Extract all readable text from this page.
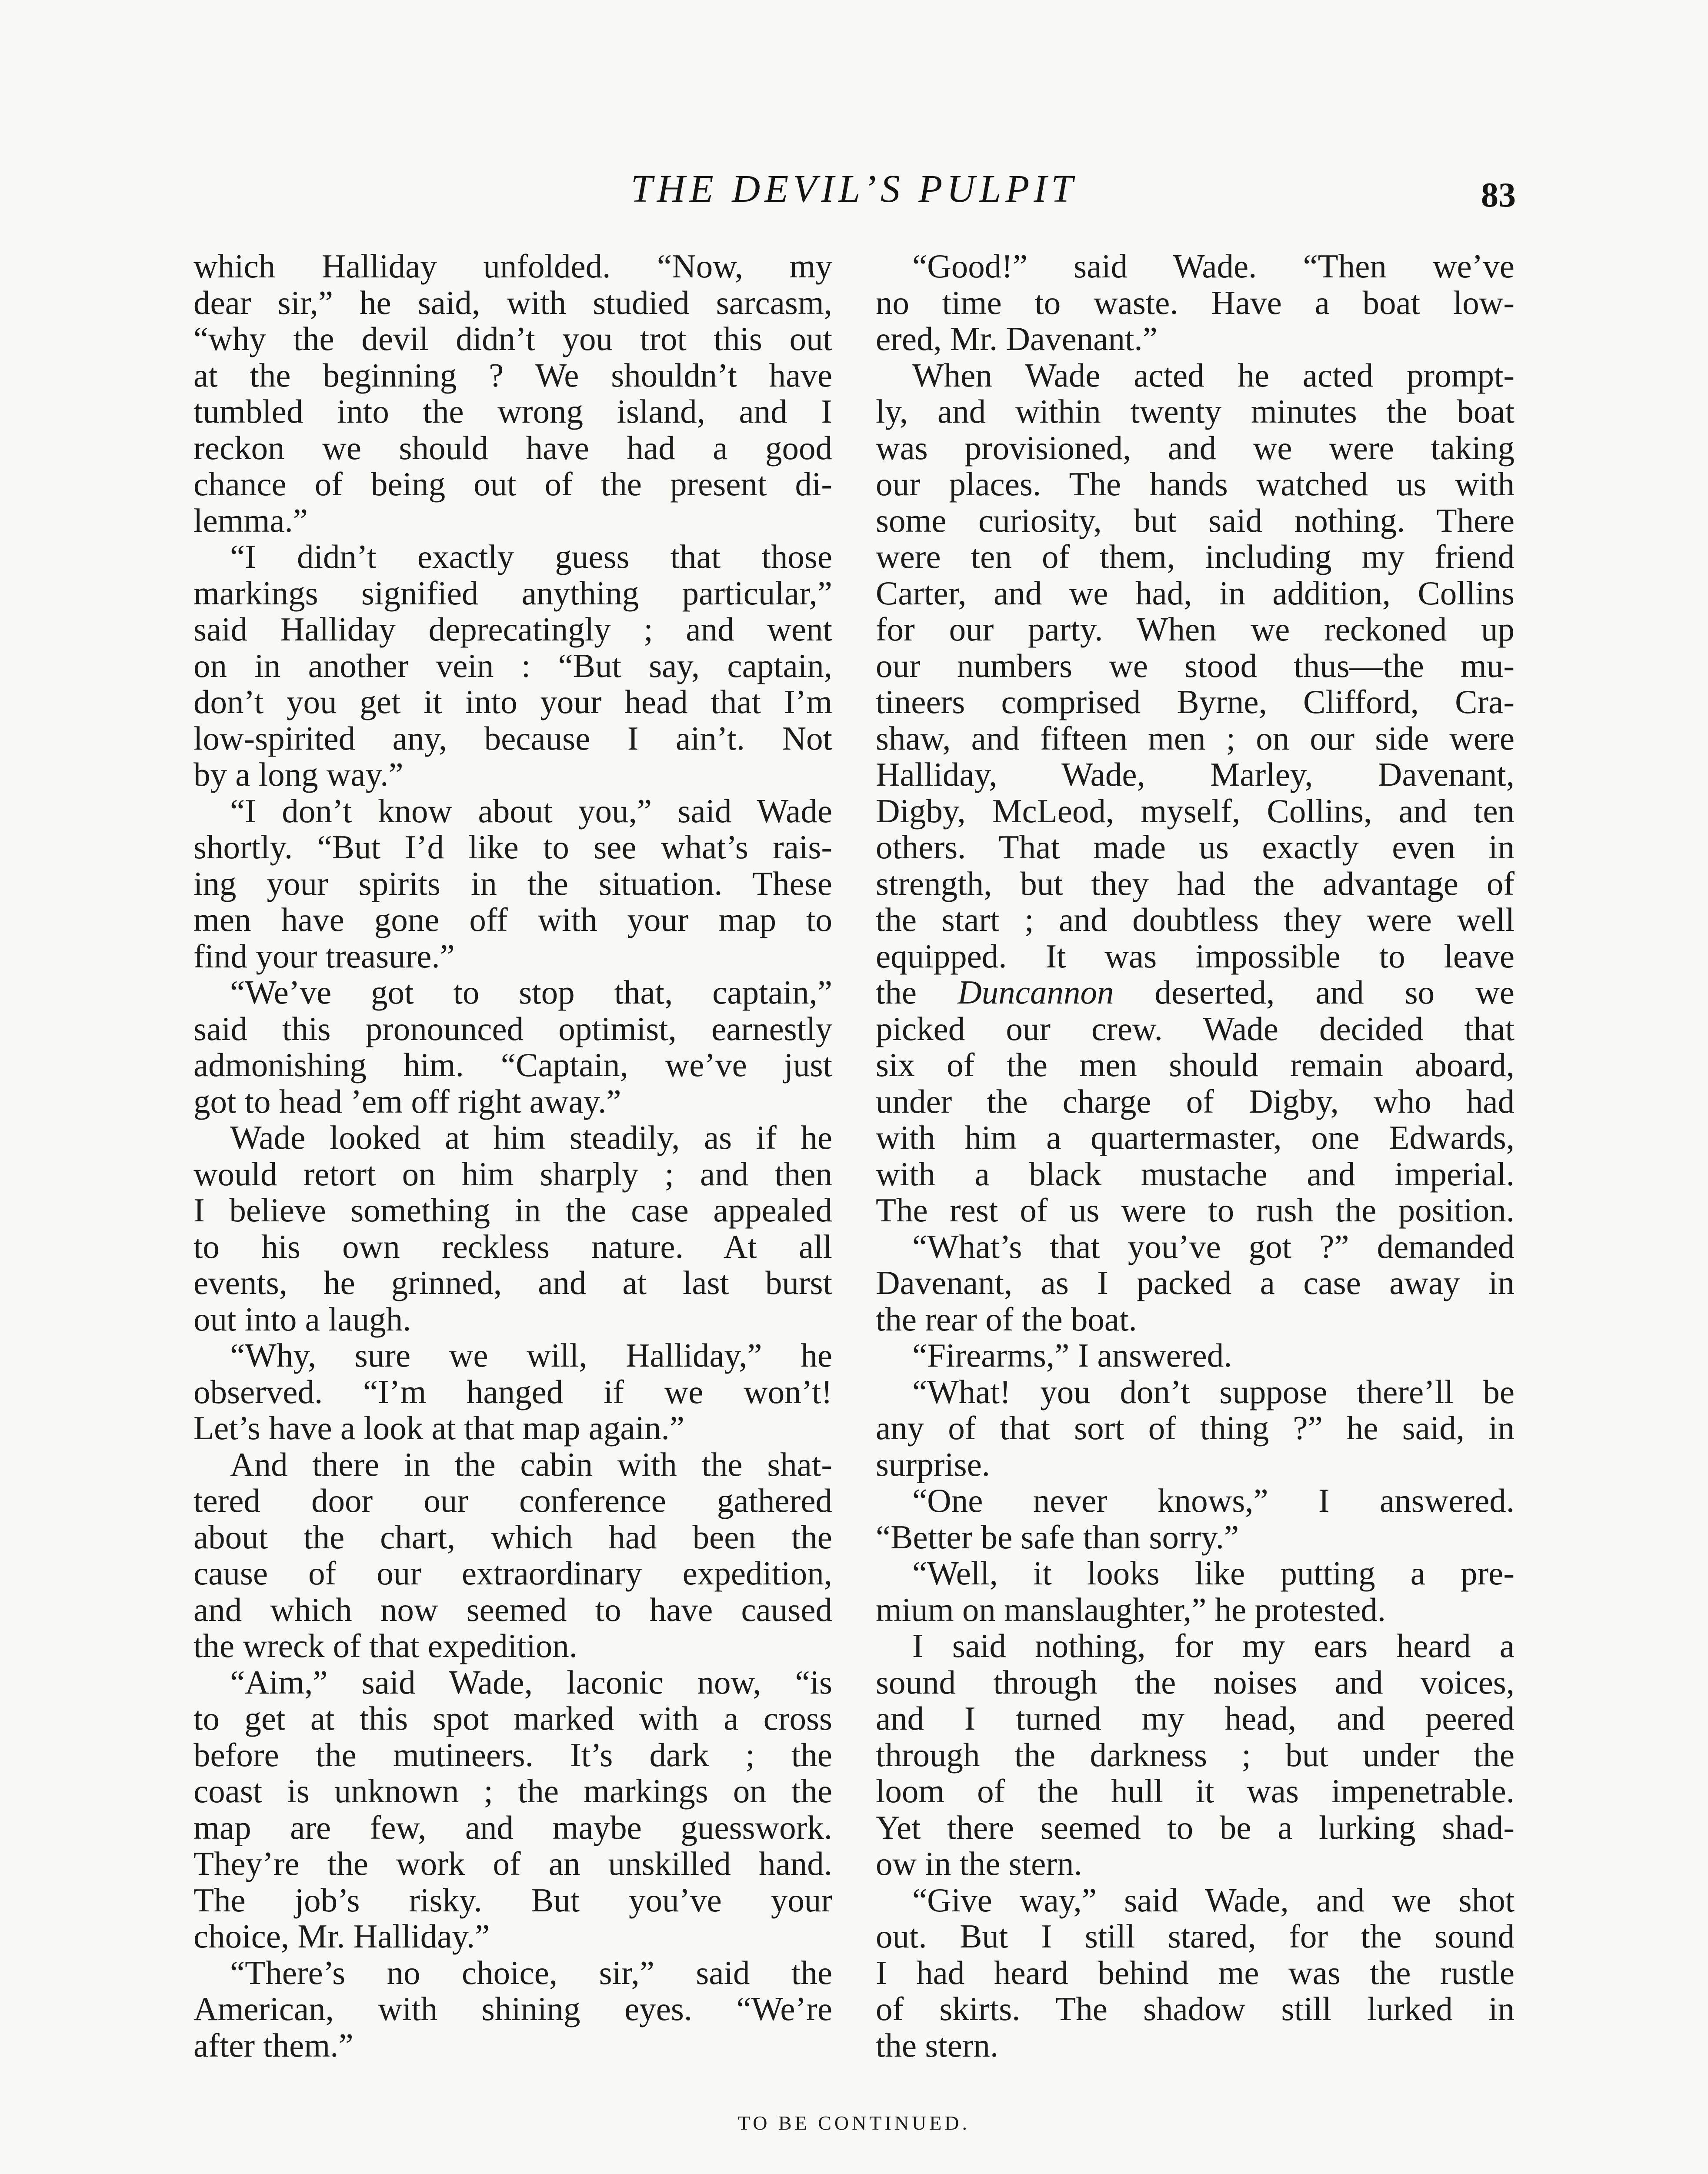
THE DEVIL’S PULPIT	83
which Halliday unfolded. “Now, my
dear sir,” he said, with studied sarcasm,
“why the devil didn’t you trot this out
at the beginning ? We shouldn’t have
tumbled into the wrong island, and I
reckon we should have had a good
chance of being out of the present di-
lemma.”
“I didn’t exactly guess that those
markings signified anything particular,”
said Halliday deprecatingly ; and went
on in another vein : “But say, captain,
don’t you get it into your head that I’m
low-spirited any, because I ain’t. Not
by a long way.”
“I don’t know about you,” said Wade
shortly. “But I’d like to see what’s rais-
ing your spirits in the situation. These
men have gone off with your map to
find your treasure.”
“We’ve got to stop that, captain,”
said this pronounced optimist, earnestly
admonishing him. “Captain, we’ve just
got to head ’em off right away.”
Wade looked at him steadily, as if he
would retort on him sharply ; and then
I believe something in the case appealed
to his own reckless nature. At all
events, he grinned, and at last burst
out into a laugh.
“Why, sure we will, Halliday,” he
observed. “I’m hanged if we won’t!
Let’s have a look at that map again.”
And there in the cabin with the shat-
tered door our conference gathered
about the chart, which had been the
cause of our extraordinary expedition,
and which now seemed to have caused
the wreck of that expedition.
“Aim,” said Wade, laconic now, “is
to get at this spot marked with a cross
before the mutineers. It’s dark ; the
coast is unknown ; the markings on the
map are few, and maybe guesswork.
They’re the work of an unskilled hand.
The job’s risky. But you’ve your
choice, Mr. Halliday.”
“There’s no choice, sir,” said the
American, with shining eyes. “We’re
after them.”
“Good!” said Wade. “Then we’ve
no time to waste. Have a boat low-
ered, Mr. Davenant.”
When Wade acted he acted prompt-
ly, and within twenty minutes the boat
was provisioned, and we were taking
our places. The hands watched us with
some curiosity, but said nothing. There
were ten of them, including my friend
Carter, and we had, in addition, Collins
for our party. When we reckoned up
our numbers we stood thus—the mu-
tineers comprised Byrne, Clifford, Cra-
shaw, and fifteen men ; on our side were
Halliday, Wade, Marley, Davenant,
Digby, McLeod, myself, Collins, and ten
others. That made us exactly even in
strength, but they had the advantage of
the start ; and doubtless they were well
equipped. It was impossible to leave
the Duncannon deserted, and so we
picked our crew. Wade decided that
six of the men should remain aboard,
under the charge of Digby, who had
with him a quartermaster, one Edwards,
with a black mustache and imperial.
The rest of us were to rush the position.
“What’s that you’ve got ?” demanded
Davenant, as I packed a case away in
the rear of the boat.
“Firearms,” I answered.
“What! you don’t suppose there’ll be
any of that sort of thing ?” he said, in
surprise.
“One never knows,” I answered.
“Better be safe than sorry.”
“Well, it looks like putting a pre-
mium on manslaughter,” he protested.
I said nothing, for my ears heard a
sound through the noises and voices,
and I turned my head, and peered
through the darkness ; but under the
loom of the hull it was impenetrable.
Yet there seemed to be a lurking shad-
ow in the stern.
“Give way,” said Wade, and we shot
out. But I still stared, for the sound
I had heard behind me was the rustle
of skirts. The shadow still lurked in
the stern.
TO BE CONTINUED.
